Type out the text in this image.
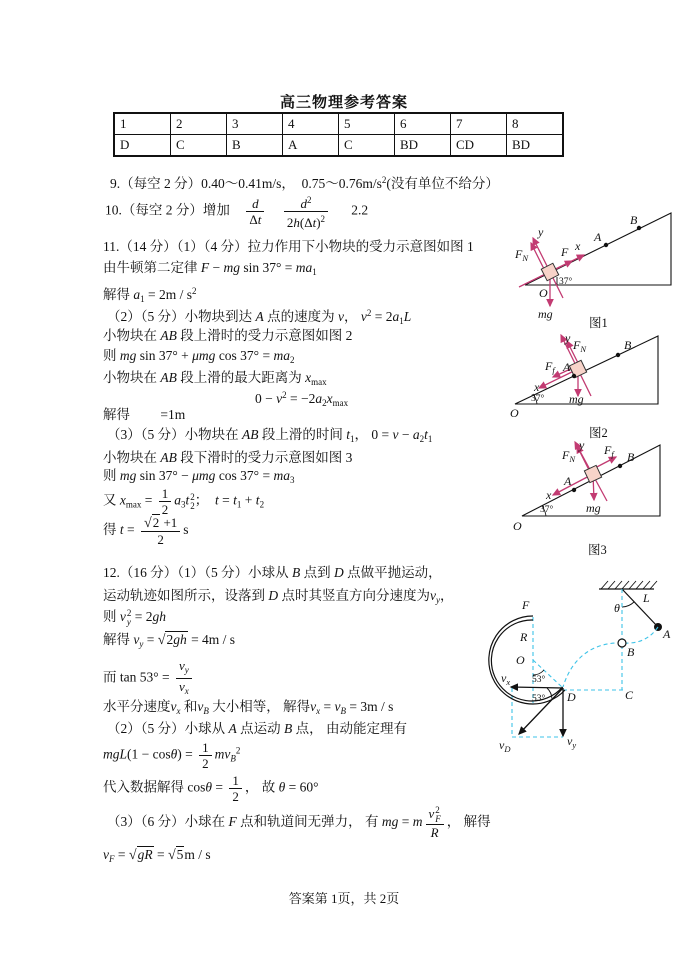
高三物理参考答案
1	2	3	4	5	6	7	8
D	C	B	A	C	BD	CD	BD
9.（每空 2 分）0.40～0.41m/s，  $0.75\sim 0.76m/s^2$(没有单位不给分）
10.（每空 2 分）增加 $\frac{d}{\Delta t}$
$\frac{d^2}{2h(\Delta t)^2} 2.2$
11.（14 分）（1）（4 分）拉力作用下小物块的受力示意图如图 1
由牛顿第二定律 F − mg $\sin 37^\circ = ma_1$
解得 $a_1 = 2m / s^2$
（2）（5 分）小物块到达 A 点的速度为 v， $v^2 = 2a_1L$
小物块在 AB 段上滑时的受力示意图如图 2
则 mg sin 37° + μmg $\cos 37^\circ = ma_2$
小物块在 AB 段上滑的最大距离为 $x_{max}$
$0 - v^2 = -2a_2x_{max}$
解得　　 =1m
（3）（5 分）小物块在 AB 段上滑的时间 $t_1$， $0 = v - a_2t_1$
小物块在 AB 段下滑时的受力示意图如图 3
则 mg sin 37° − μmg $\cos 37^\circ = ma_3$
又 $x_{max} = \frac{1}{2} a_3t$ 2
2 ；  $t = t_1 + t_2$
得 $t = \frac{√2 +1}{2}$ s
12.（16 分）（1）（5 分）小球从 B 点到 D 点做平抛运动，
运动轨迹如图所示，设落到 D 点时其竖直方向分速度为$v_y$，
则 v 2
y = 2gh
解得 $v_y = √2gh = 4m / s$
而 $\tan 53^\circ = \frac{v_y}{v_x}$
水平分速度$v_x$ 和$v_B$ 大小相等， 解得$v_x = v_B = 3m / s$
（2）（5 分）小球从 A 点运动 B 点， 由动能定理有
$mgL(1 - \cos\theta) = \frac{1}{2} mv_B^2$
代入数据解得 $\cos\theta = \frac{1}{2}$ ， 故 θ = 60°
（3）（6 分）小球在 F 点和轨道间无弹力， 有 mg = m v 2
F
R ， 解得
$v_F = √gR = √5m / s$
37°
A
B
x
y
F
$F_N$
mg
O
图1
37°
A
B
x
y
$F_f$
$F_N$
mg
O
图2
37°
A
B
x
y $F_f$
$F_N$
mg
O
图3
θ
L
A
F
R
O
53°
53° D	C
B
$v_x$
$v_y$
$v_D$
答案第 1页，共 2页
